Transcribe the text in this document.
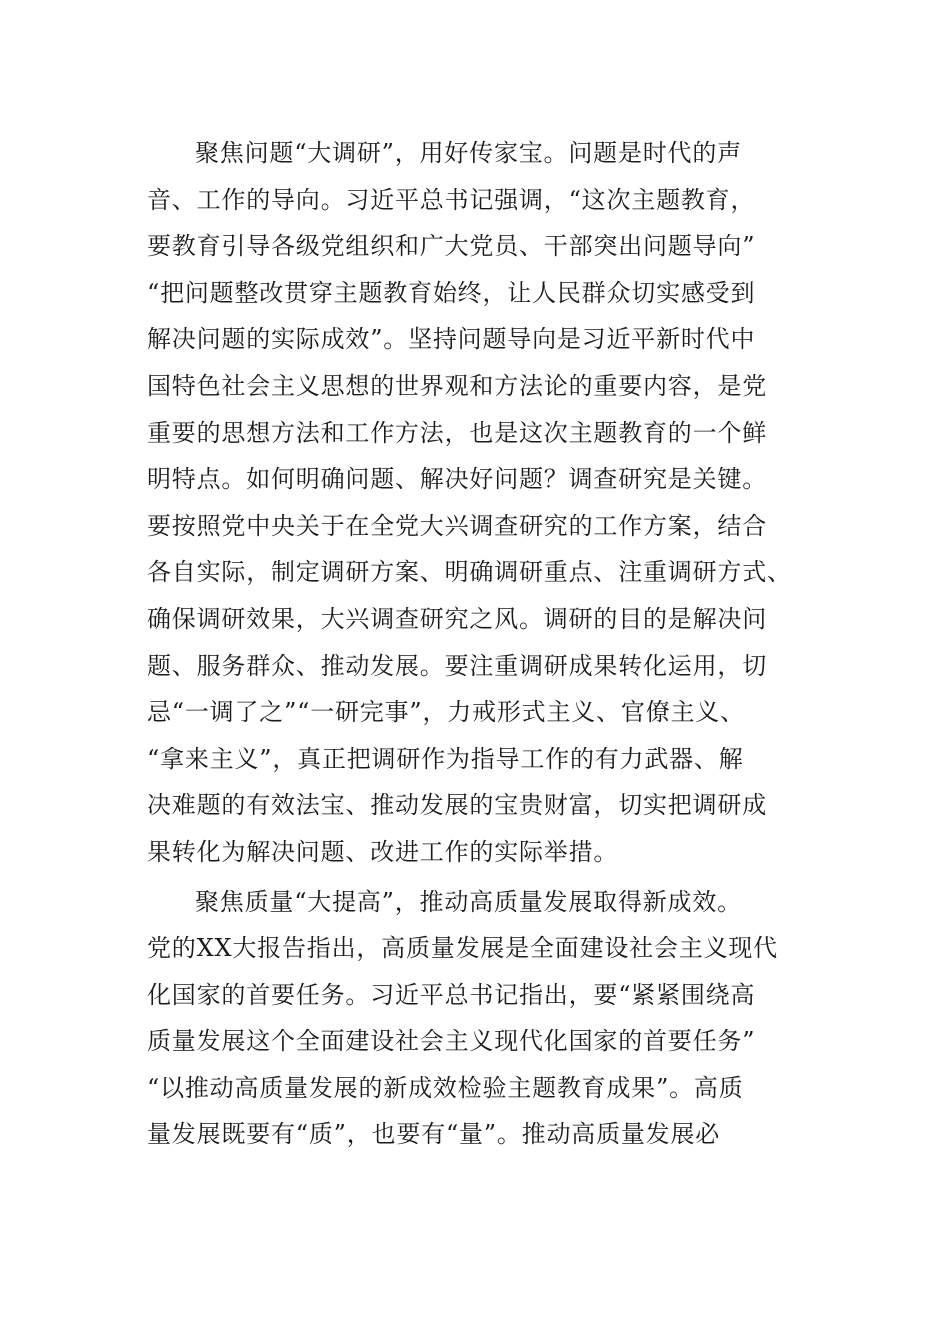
聚焦问题“大调研”，用好传家宝。问题是时代的声
音、工作的导向。习近平总书记强调，“这次主题教育，
要教育引导各级党组织和广大党员、干部突出问题导向”
“把问题整改贯穿主题教育始终，让人民群众切实感受到
解决问题的实际成效”。坚持问题导向是习近平新时代中
国特色社会主义思想的世界观和方法论的重要内容，是党
重要的思想方法和工作方法，也是这次主题教育的一个鲜
明特点。如何明确问题、解决好问题？调查研究是关键。
要按照党中央关于在全党大兴调查研究的工作方案，结合
各自实际，制定调研方案、明确调研重点、注重调研方式、
确保调研效果，大兴调查研究之风。调研的目的是解决问
题、服务群众、推动发展。要注重调研成果转化运用，切
忌“一调了之”“一研完事”，力戒形式主义、官僚主义、
“拿来主义”，真正把调研作为指导工作的有力武器、解
决难题的有效法宝、推动发展的宝贵财富，切实把调研成
果转化为解决问题、改进工作的实际举措。
聚焦质量“大提高”，推动高质量发展取得新成效。
党的XX大报告指出，高质量发展是全面建设社会主义现代
化国家的首要任务。习近平总书记指出，要“紧紧围绕高
质量发展这个全面建设社会主义现代化国家的首要任务”
“以推动高质量发展的新成效检验主题教育成果”。高质
量发展既要有“质”，也要有“量”。推动高质量发展必
